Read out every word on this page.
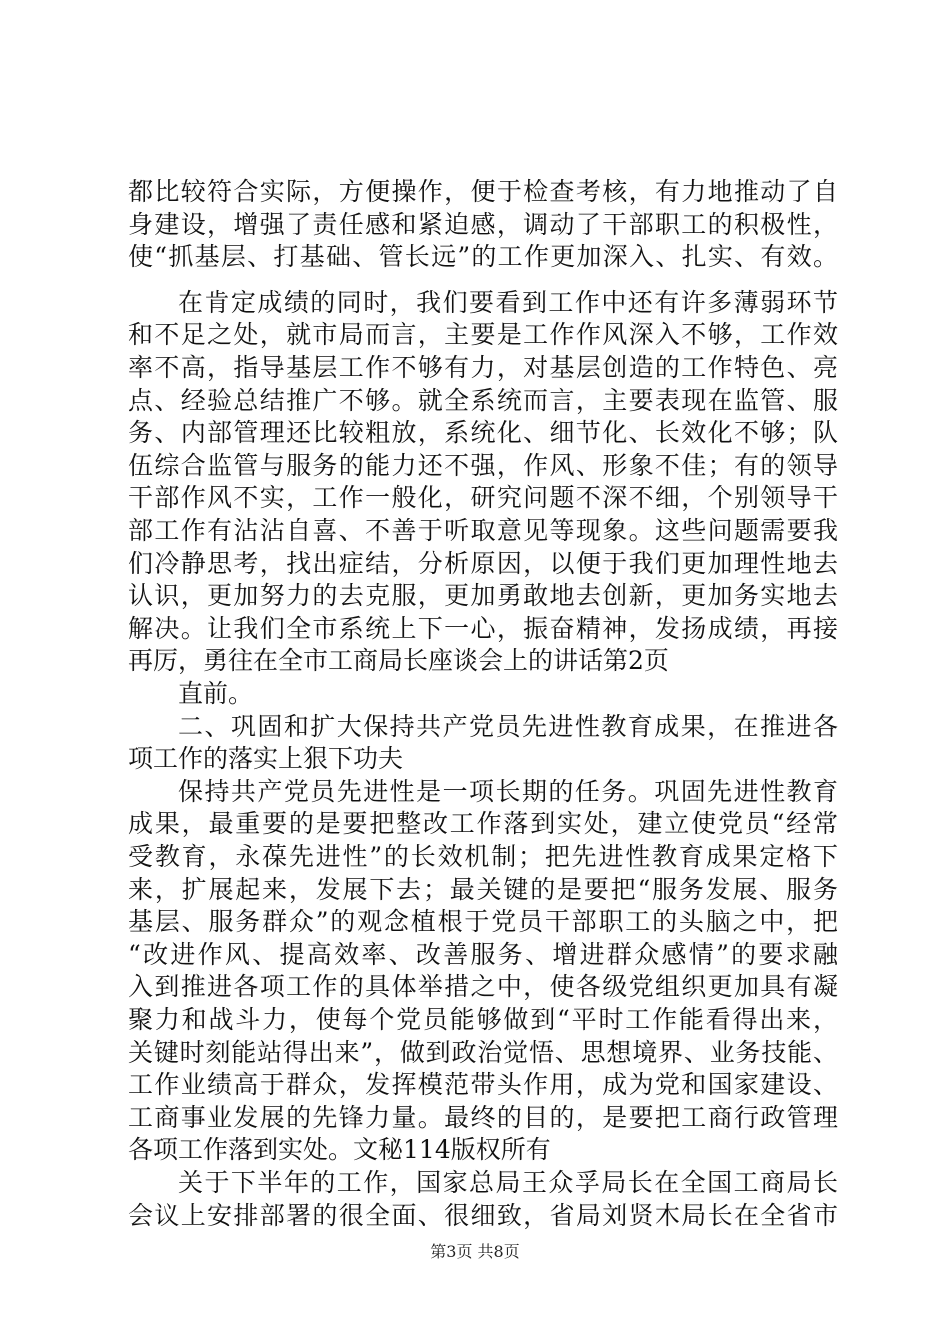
都比较符合实际，方便操作，便于检查考核，有力地推动了自
身建设，增强了责任感和紧迫感，调动了干部职工的积极性，
使“抓基层、打基础、管长远”的工作更加深入、扎实、有效。
在肯定成绩的同时，我们要看到工作中还有许多薄弱环节
和不足之处，就市局而言，主要是工作作风深入不够，工作效
率不高，指导基层工作不够有力，对基层创造的工作特色、亮
点、经验总结推广不够。就全系统而言，主要表现在监管、服
务、内部管理还比较粗放，系统化、细节化、长效化不够；队
伍综合监管与服务的能力还不强，作风、形象不佳；有的领导
干部作风不实，工作一般化，研究问题不深不细，个别领导干
部工作有沾沾自喜、不善于听取意见等现象。这些问题需要我
们冷静思考，找出症结，分析原因，以便于我们更加理性地去
认识，更加努力的去克服，更加勇敢地去创新，更加务实地去
解决。让我们全市系统上下一心，振奋精神，发扬成绩，再接
再厉，勇往在全市工商局长座谈会上的讲话第2页
直前。
二、巩固和扩大保持共产党员先进性教育成果，在推进各
项工作的落实上狠下功夫
保持共产党员先进性是一项长期的任务。巩固先进性教育
成果，最重要的是要把整改工作落到实处，建立使党员“经常
受教育，永葆先进性”的长效机制；把先进性教育成果定格下
来，扩展起来，发展下去；最关键的是要把“服务发展、服务
基层、服务群众”的观念植根于党员干部职工的头脑之中，把
“改进作风、提高效率、改善服务、增进群众感情”的要求融
入到推进各项工作的具体举措之中，使各级党组织更加具有凝
聚力和战斗力，使每个党员能够做到“平时工作能看得出来，
关键时刻能站得出来”，做到政治觉悟、思想境界、业务技能、
工作业绩高于群众，发挥模范带头作用，成为党和国家建设、
工商事业发展的先锋力量。最终的目的，是要把工商行政管理
各项工作落到实处。文秘114版权所有
关于下半年的工作，国家总局王众孚局长在全国工商局长
会议上安排部署的很全面、很细致，省局刘贤木局长在全省市
第3页 共8页
